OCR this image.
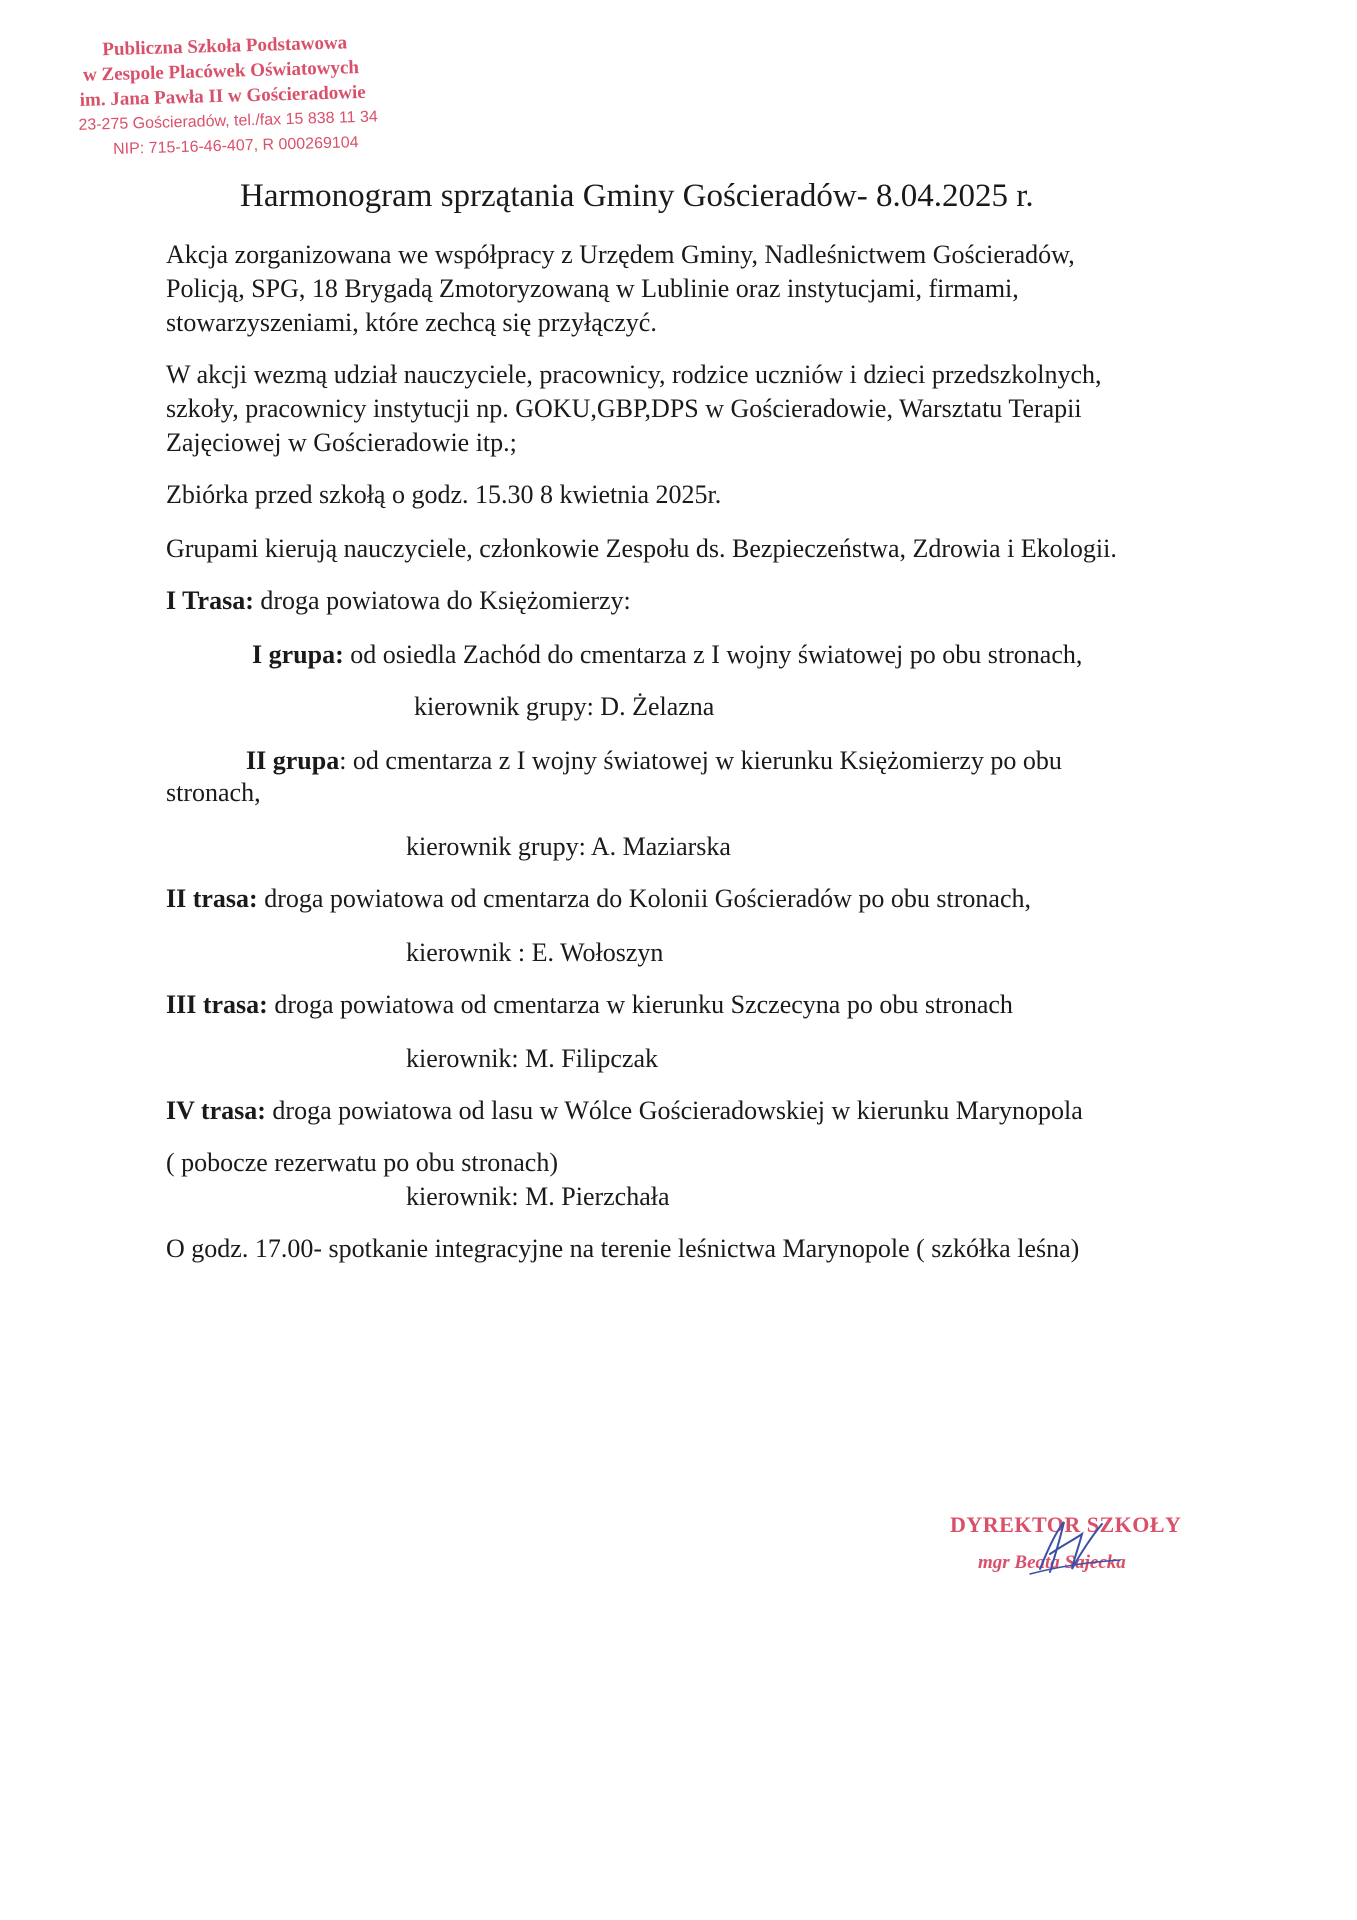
Publiczna Szkoła Podstawowa
w Zespole Placówek Oświatowych
im. Jana Pawła II w Gościeradowie
23-275 Gościeradów, tel./fax 15 838 11 34
NIP: 715-16-46-407, R 000269104
Harmonogram sprzątania Gminy Gościeradów- 8.04.2025 r.

Akcja zorganizowana we współpracy z Urzędem Gminy, Nadleśnictwem Gościeradów,

Policją, SPG, 18 Brygadą Zmotoryzowaną w Lublinie oraz instytucjami, firmami,

stowarzyszeniami, które zechcą się przyłączyć.

W akcji wezmą udział nauczyciele, pracownicy, rodzice uczniów i dzieci przedszkolnych,

szkoły, pracownicy instytucji np. GOKU,GBP,DPS w Gościeradowie, Warsztatu Terapii

Zajęciowej w Gościeradowie itp.;

Zbiórka przed szkołą o godz. 15.30 8 kwietnia 2025r.

Grupami kierują nauczyciele, członkowie Zespołu ds. Bezpieczeństwa, Zdrowia i Ekologii.

I Trasa: droga powiatowa do Księżomierzy:

I grupa: od osiedla Zachód do cmentarza z I wojny światowej po obu stronach,

kierownik grupy: D. Żelazna

II grupa: od cmentarza z I wojny światowej w kierunku Księżomierzy po obu

stronach,

kierownik grupy: A. Maziarska

II trasa: droga powiatowa od cmentarza do Kolonii Gościeradów po obu stronach,

kierownik : E. Wołoszyn

III trasa: droga powiatowa od cmentarza w kierunku Szczecyna po obu stronach

kierownik: M. Filipczak

IV trasa: droga powiatowa od lasu w Wólce Gościeradowskiej w kierunku Marynopola

( pobocze rezerwatu po obu stronach)

kierownik: M. Pierzchała

O godz. 17.00- spotkanie integracyjne na terenie leśnictwa Marynopole ( szkółka leśna)

DYREKTOR SZKOŁY
mgr Beata Sajecka
